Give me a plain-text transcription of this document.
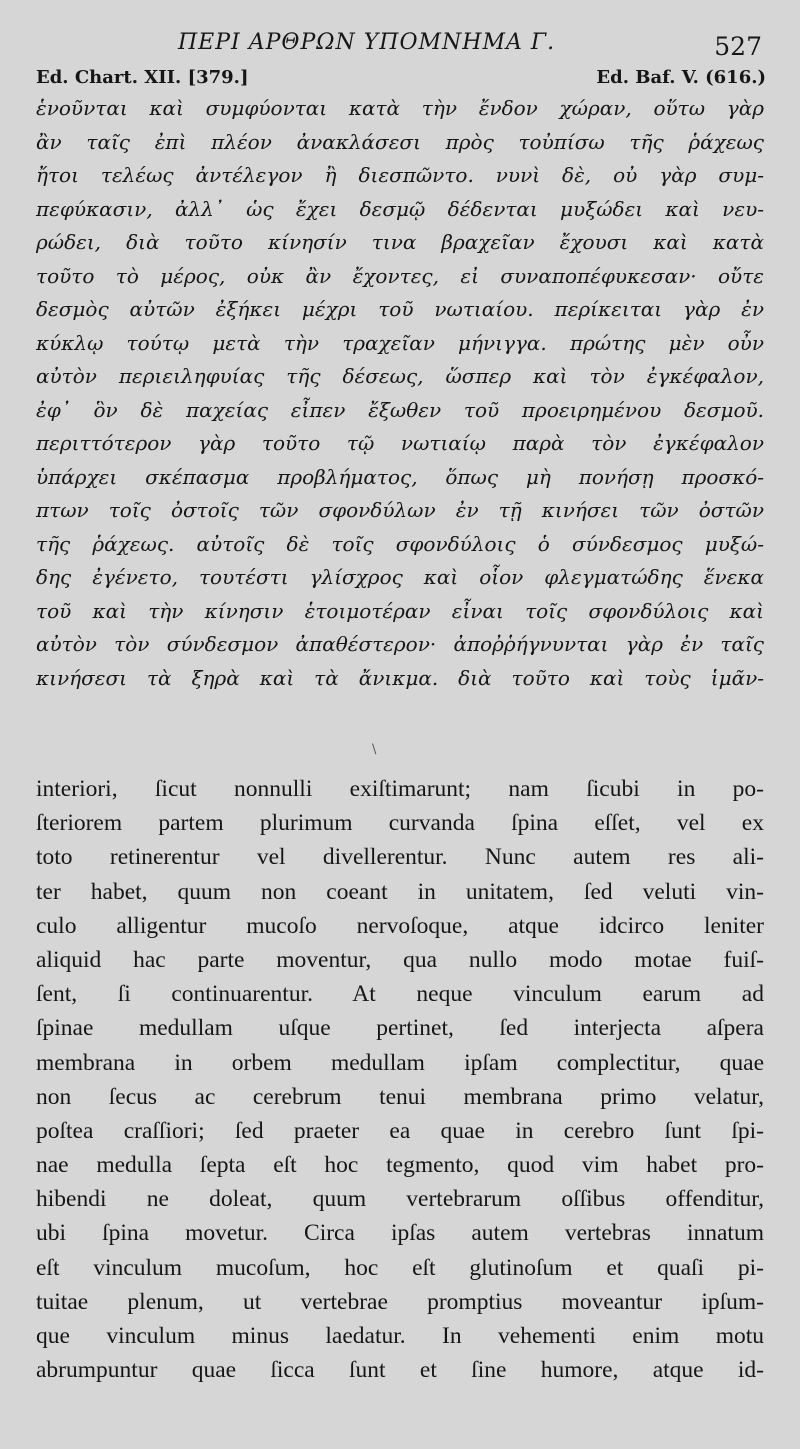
ΠΕΡΙ ΑΡΘΡΩΝ ΥΠΟΜΝΗΜΑ Γ.	527
Ed. Chart. XII. [379.]	Ed. Baf. V. (616.)
ἑνοῦνται καὶ συμφύονται κατὰ τὴν ἔνδον χώραν, οὕτω γὰρ
ἂν ταῖς ἐπὶ πλέον ἀνακλάσεσι πρὸς τοὐπίσω τῆς ῥάχεως
ἤτοι τελέως ἀντέλεγον ἢ διεσπῶντο. νυνὶ δὲ, οὐ γὰρ συμ-
πεφύκασιν, ἀλλ᾿ ὡς ἔχει δεσμῷ δέδενται μυξώδει καὶ νευ-
ρώδει, διὰ τοῦτο κίνησίν τινα βραχεῖαν ἔχουσι καὶ κατὰ
τοῦτο τὸ μέρος, οὐκ ἂν ἔχοντες, εἰ συναποπέφυκεσαν· οὔτε
δεσμὸς αὐτῶν ἐξήκει μέχρι τοῦ νωτιαίου. περίκειται γὰρ ἐν
κύκλῳ τούτῳ μετὰ τὴν τραχεῖαν μήνιγγα. πρώτης μὲν οὖν
αὐτὸν περιειληφυίας τῆς δέσεως, ὥσπερ καὶ τὸν ἐγκέφαλον,
ἐφ᾿ ὃν δὲ παχείας εἶπεν ἔξωθεν τοῦ προειρημένου δεσμοῦ.
περιττότερον γὰρ τοῦτο τῷ νωτιαίῳ παρὰ τὸν ἐγκέφαλον
ὑπάρχει σκέπασμα προβλήματος, ὅπως μὴ πονήσῃ προσκό-
πτων τοῖς ὀστοῖς τῶν σφονδύλων ἐν τῇ κινήσει τῶν ὀστῶν
τῆς ῥάχεως. αὐτοῖς δὲ τοῖς σφονδύλοις ὁ σύνδεσμος μυξώ-
δης ἐγένετο, τουτέστι γλίσχρος καὶ οἷον φλεγματώδης ἕνεκα
τοῦ καὶ τὴν κίνησιν ἑτοιμοτέραν εἶναι τοῖς σφονδύλοις καὶ
αὐτὸν τὸν σύνδεσμον ἀπαθέστερον· ἀποῤῥήγνυνται γὰρ ἐν ταῖς
κινήσεσι τὰ ξηρὰ καὶ τὰ ἄνικμα. διὰ τοῦτο καὶ τοὺς ἱμᾶν-
\
interiori, ſicut nonnulli exiſtimarunt; nam ſicubi in po-
ſteriorem partem plurimum curvanda ſpina eſſet, vel ex
toto retinerentur vel divellerentur. Nunc autem res ali-
ter habet, quum non coeant in unitatem, ſed veluti vin-
culo alligentur mucoſo nervoſoque, atque idcirco leniter
aliquid hac parte moventur, qua nullo modo motae fuiſ-
ſent, ſi continuarentur. At neque vinculum earum ad
ſpinae medullam uſque pertinet, ſed interjecta aſpera
membrana in orbem medullam ipſam complectitur, quae
non ſecus ac cerebrum tenui membrana primo velatur,
poſtea craſſiori; ſed praeter ea quae in cerebro ſunt ſpi-
nae medulla ſepta eſt hoc tegmento, quod vim habet pro-
hibendi ne doleat, quum vertebrarum oſſibus offenditur,
ubi ſpina movetur. Circa ipſas autem vertebras innatum
eſt vinculum mucoſum, hoc eſt glutinoſum et quaſi pi-
tuitae plenum, ut vertebrae promptius moveantur ipſum-
que vinculum minus laedatur. In vehementi enim motu
abrumpuntur quae ſicca ſunt et ſine humore, atque id-
